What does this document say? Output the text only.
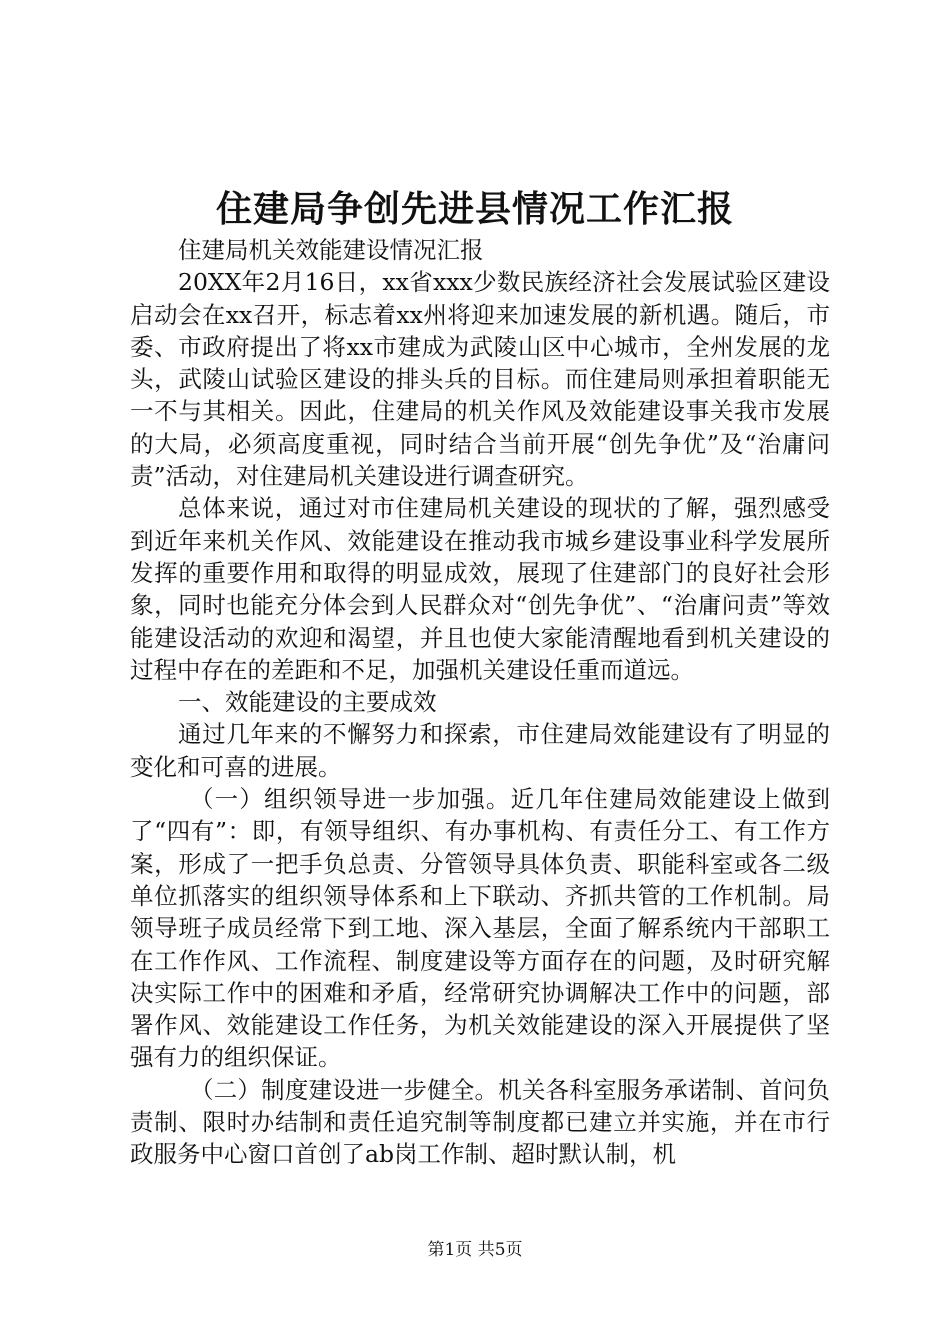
住建局争创先进县情况工作汇报

住建局机关效能建设情况汇报

20XX年2月16日，xx省xxx少数民族经济社会发展试验区建设启动会在xx召开，标志着xx州将迎来加速发展的新机遇。随后，市委、市政府提出了将xx市建成为武陵山区中心城市，全州发展的龙头，武陵山试验区建设的排头兵的目标。而住建局则承担着职能无一不与其相关。因此，住建局的机关作风及效能建设事关我市发展的大局，必须高度重视，同时结合当前开展“创先争优”及“治庸问责”活动，对住建局机关建设进行调查研究。

总体来说，通过对市住建局机关建设的现状的了解，强烈感受到近年来机关作风、效能建设在推动我市城乡建设事业科学发展所发挥的重要作用和取得的明显成效，展现了住建部门的良好社会形象，同时也能充分体会到人民群众对“创先争优”、“治庸问责”等效能建设活动的欢迎和渴望，并且也使大家能清醒地看到机关建设的过程中存在的差距和不足，加强机关建设任重而道远。

一、效能建设的主要成效

通过几年来的不懈努力和探索，市住建局效能建设有了明显的变化和可喜的进展。

（一）组织领导进一步加强。近几年住建局效能建设上做到了“四有”：即，有领导组织、有办事机构、有责任分工、有工作方案，形成了一把手负总责、分管领导具体负责、职能科室或各二级单位抓落实的组织领导体系和上下联动、齐抓共管的工作机制。局领导班子成员经常下到工地、深入基层，全面了解系统内干部职工在工作作风、工作流程、制度建设等方面存在的问题，及时研究解决实际工作中的困难和矛盾，经常研究协调解决工作中的问题，部署作风、效能建设工作任务，为机关效能建设的深入开展提供了坚强有力的组织保证。

（二）制度建设进一步健全。机关各科室服务承诺制、首问负责制、限时办结制和责任追究制等制度都已建立并实施，并在市行政服务中心窗口首创了ab岗工作制、超时默认制，机

第1页 共5页
